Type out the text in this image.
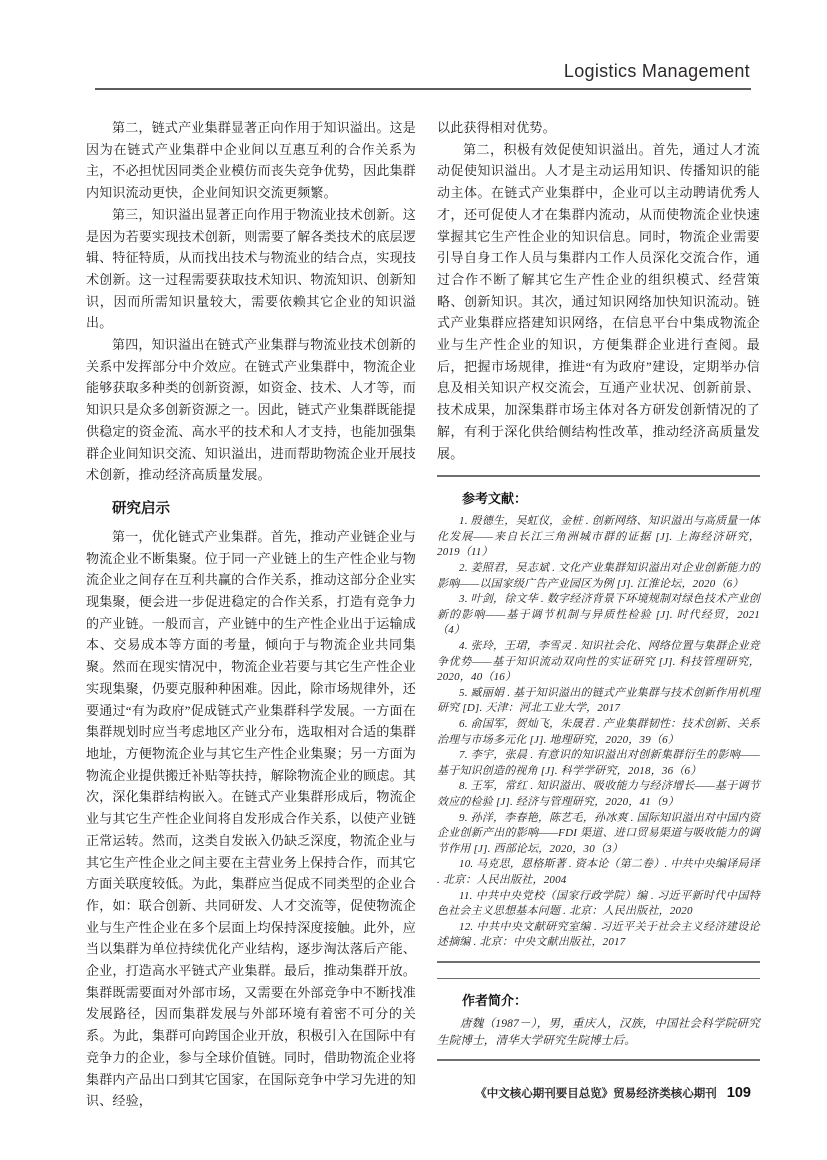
Logistics Management

第二，链式产业集群显著正向作用于知识溢出。这是因为在链式产业集群中企业间以互惠互利的合作关系为主，不必担忧因同类企业模仿而丧失竞争优势，因此集群内知识流动更快，企业间知识交流更频繁。

第三，知识溢出显著正向作用于物流业技术创新。这是因为若要实现技术创新，则需要了解各类技术的底层逻辑、特征特质，从而找出技术与物流业的结合点，实现技术创新。这一过程需要获取技术知识、物流知识、创新知识，因而所需知识量较大，需要依赖其它企业的知识溢出。

第四，知识溢出在链式产业集群与物流业技术创新的关系中发挥部分中介效应。在链式产业集群中，物流企业能够获取多种类的创新资源，如资金、技术、人才等，而知识只是众多创新资源之一。因此，链式产业集群既能提供稳定的资金流、高水平的技术和人才支持，也能加强集群企业间知识交流、知识溢出，进而帮助物流企业开展技术创新，推动经济高质量发展。

研究启示

第一，优化链式产业集群。首先，推动产业链企业与物流企业不断集聚。位于同一产业链上的生产性企业与物流企业之间存在互利共赢的合作关系，推动这部分企业实现集聚，便会进一步促进稳定的合作关系，打造有竞争力的产业链。一般而言，产业链中的生产性企业出于运输成本、交易成本等方面的考量，倾向于与物流企业共同集聚。然而在现实情况中，物流企业若要与其它生产性企业实现集聚，仍要克服种种困难。因此，除市场规律外，还要通过“有为政府”促成链式产业集群科学发展。一方面在集群规划时应当考虑地区产业分布，选取相对合适的集群地址，方便物流企业与其它生产性企业集聚；另一方面为物流企业提供搬迁补贴等扶持，解除物流企业的顾虑。其次，深化集群结构嵌入。在链式产业集群形成后，物流企业与其它生产性企业间将自发形成合作关系，以使产业链正常运转。然而，这类自发嵌入仍缺乏深度，物流企业与其它生产性企业之间主要在主营业务上保持合作，而其它方面关联度较低。为此，集群应当促成不同类型的企业合作，如：联合创新、共同研发、人才交流等，促使物流企业与生产性企业在多个层面上均保持深度接触。此外，应当以集群为单位持续优化产业结构，逐步淘汰落后产能、企业，打造高水平链式产业集群。最后，推动集群开放。集群既需要面对外部市场，又需要在外部竞争中不断找准发展路径，因而集群发展与外部环境有着密不可分的关系。为此，集群可向跨国企业开放，积极引入在国际中有竞争力的企业，参与全球价值链。同时，借助物流企业将集群内产品出口到其它国家，在国际竞争中学习先进的知识、经验，

以此获得相对优势。

第二，积极有效促使知识溢出。首先，通过人才流动促使知识溢出。人才是主动运用知识、传播知识的能动主体。在链式产业集群中，企业可以主动聘请优秀人才，还可促使人才在集群内流动，从而使物流企业快速掌握其它生产性企业的知识信息。同时，物流企业需要引导自身工作人员与集群内工作人员深化交流合作，通过合作不断了解其它生产性企业的组织模式、经营策略、创新知识。其次，通过知识网络加快知识流动。链式产业集群应搭建知识网络，在信息平台中集成物流企业与生产性企业的知识，方便集群企业进行查阅。最后，把握市场规律，推进“有为政府”建设，定期举办信息及相关知识产权交流会，互通产业状况、创新前景、技术成果，加深集群市场主体对各方研发创新情况的了解，有利于深化供给侧结构性改革，推动经济高质量发展。

参考文献：

1. 殷德生，吴虹仪，金桩 . 创新网络、知识溢出与高质量一体化发展——来自长江三角洲城市群的证据 [J]. 上海经济研究，2019（11）

2. 姜照君，吴志斌 . 文化产业集群知识溢出对企业创新能力的影响——以国家级广告产业园区为例 [J]. 江淮论坛，2020（6）

3. 叶剑，徐文华 . 数字经济背景下环境规制对绿色技术产业创新的影响——基于调节机制与异质性检验 [J]. 时代经贸，2021（4）

4. 张玲，王珺，李雪灵 . 知识社会化、网络位置与集群企业竞争优势——基于知识流动双向性的实证研究 [J]. 科技管理研究，2020，40（16）

5. 臧丽娟 . 基于知识溢出的链式产业集群与技术创新作用机理研究 [D]. 天津：河北工业大学，2017

6. 俞国军，贺灿飞，朱晟君 . 产业集群韧性：技术创新、关系治理与市场多元化 [J]. 地理研究，2020，39（6）

7. 李宇，张晨 . 有意识的知识溢出对创新集群衍生的影响——基于知识创造的视角 [J]. 科学学研究，2018，36（6）

8. 王军，常红 . 知识溢出、吸收能力与经济增长——基于调节效应的检验 [J]. 经济与管理研究，2020，41（9）

9. 孙洋，李春艳，陈艺毛，孙冰爽 . 国际知识溢出对中国内资企业创新产出的影响——FDI 渠道、进口贸易渠道与吸收能力的调节作用 [J]. 西部论坛，2020，30（3）

10. 马克思，恩格斯著 . 资本论（第二卷）. 中共中央编译局译 . 北京：人民出版社，2004

11. 中共中央党校（国家行政学院）编 . 习近平新时代中国特色社会主义思想基本问题 . 北京：人民出版社，2020

12. 中共中央文献研究室编 . 习近平关于社会主义经济建设论述摘编 . 北京：中央文献出版社，2017

作者简介：

唐魏（1987－），男，重庆人，汉族，中国社会科学院研究生院博士，清华大学研究生院博士后。

《中文核心期刊要目总览》贸易经济类核心期刊 109
